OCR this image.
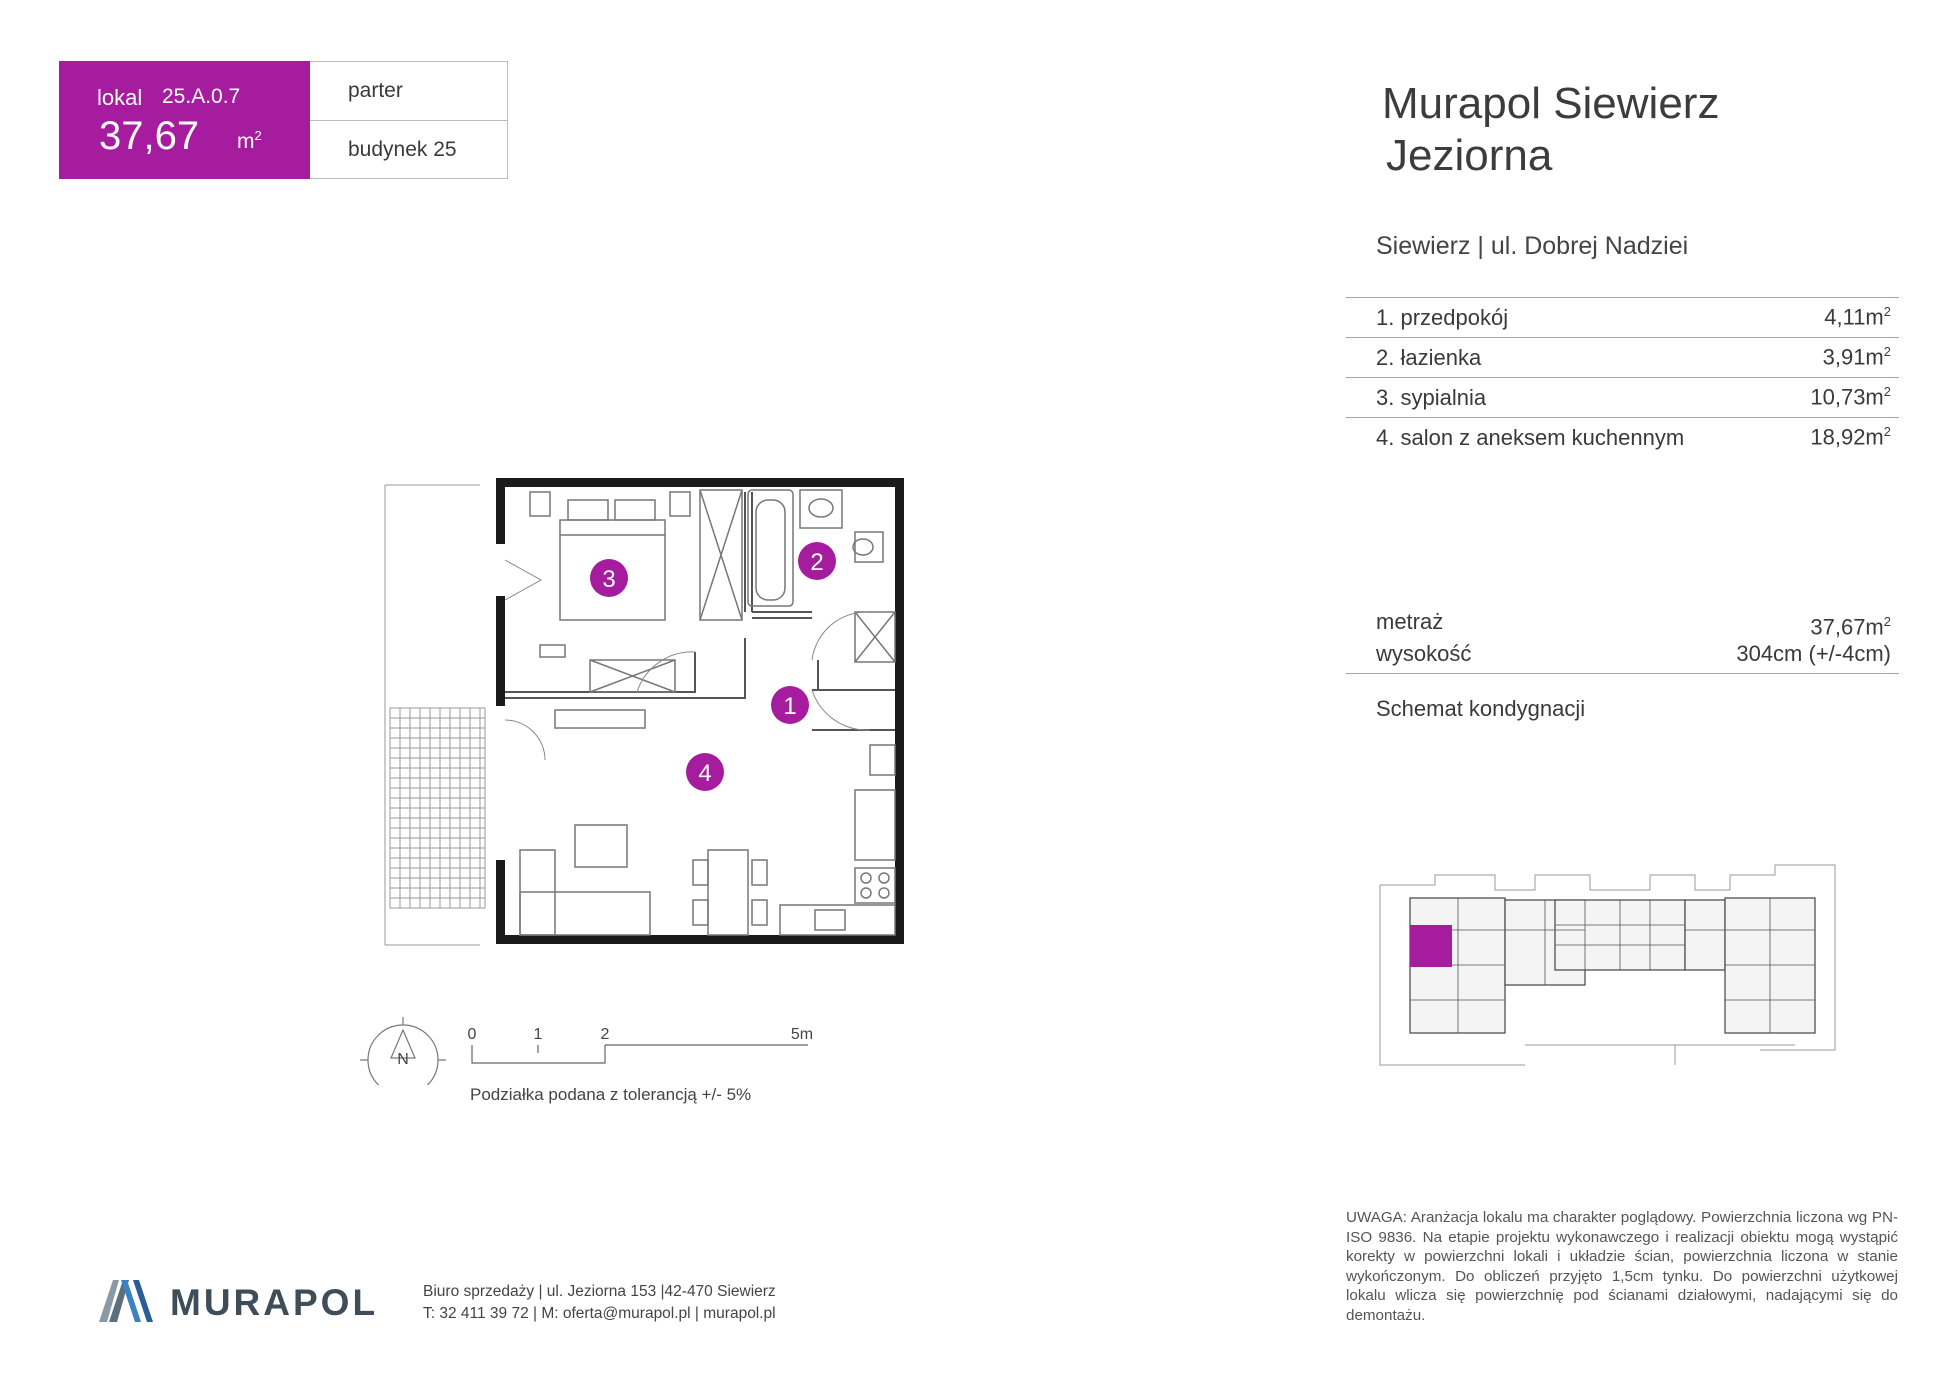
lokal 25.A.0.7
37,67 $m^2$
parter
budynek 25
Murapol Siewierz
Jeziorna
Siewierz | ul. Dobrej Nadziei
1. przedpokój	$4,11m^2$
2. łazienka	$3,91m^2$
3. sypialnia	$10,73m^2$
4. salon z aneksem kuchennym	$18,92m^2$
metraż	$37,67m^2$
wysokość	304cm (+/-4cm)
Schemat kondygnacji
1
2
3
4
N
0	1	2	5m
Podziałka podana z tolerancją +/- 5%
UWAGA: Aranżacja lokalu ma charakter poglądowy. Powierzchnia liczona wg PN-ISO 9836. Na etapie projektu wykonawczego i realizacji obiektu mogą wystąpić korekty w powierzchni lokali i układzie ścian, powierzchnia liczona w stanie wykończonym. Do obliczeń przyjęto 1,5cm tynku. Do powierzchni użytkowej lokalu wlicza się powierzchnię pod ścianami działowymi, nadającymi się do demontażu.
MURAPOL	Biuro sprzedaży | ul. Jeziorna 153 |42-470 Siewierz
T: 32 411 39 72 | M: oferta@murapol.pl | murapol.pl
